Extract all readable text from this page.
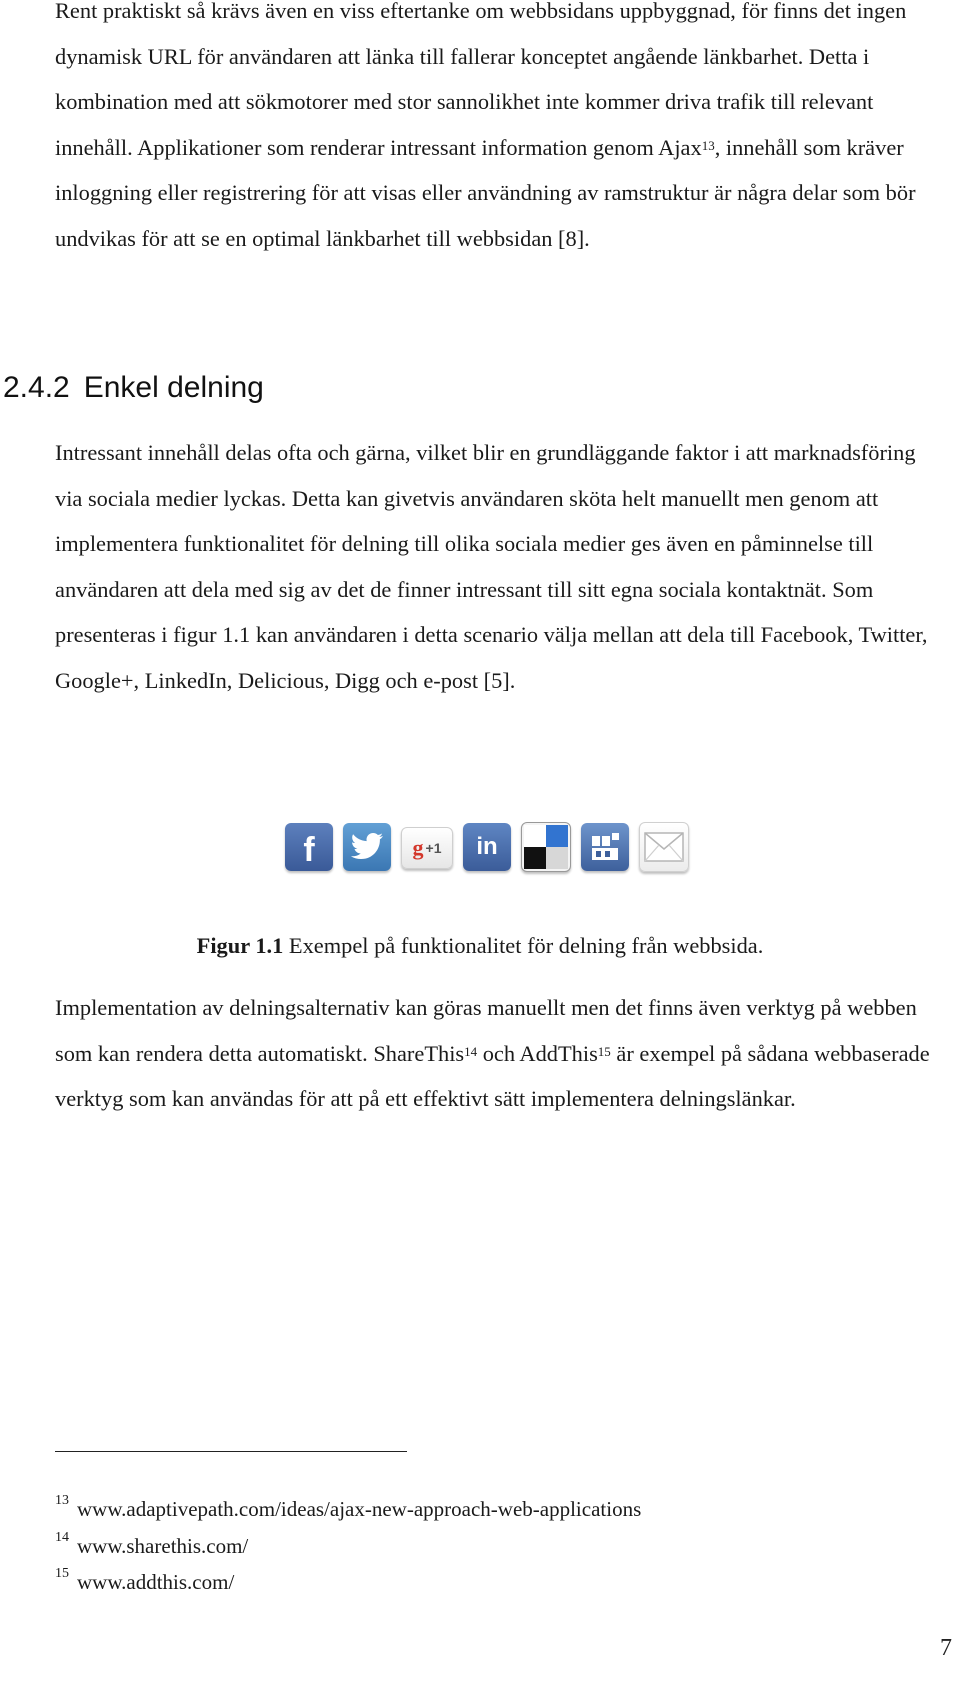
Rent praktiskt så krävs även en viss eftertanke om webbsidans uppbyggnad, för finns det ingen dynamisk URL för användaren att länka till fallerar konceptet angående länkbarhet. Detta i kombination med att sökmotorer med stor sannolikhet inte kommer driva trafik till relevant innehåll. Applikationer som renderar intressant information genom Ajax$^{13}$, innehåll som kräver inloggning eller registrering för att visas eller användning av ramstruktur är några delar som bör undvikas för att se en optimal länkbarhet till webbsidan [8].

2.4.2 Enkel delning

Intressant innehåll delas ofta och gärna, vilket blir en grundläggande faktor i att marknadsföring via sociala medier lyckas. Detta kan givetvis användaren sköta helt manuellt men genom att implementera funktionalitet för delning till olika sociala medier ges även en påminnelse till användaren att dela med sig av det de finner intressant till sitt egna sociala kontaktnät. Som presenteras i figur 1.1 kan användaren i detta scenario välja mellan att dela till Facebook, Twitter, Google+, LinkedIn, Delicious, Digg och e-post [5].

f	g +1 in

Figur 1.1 Exempel på funktionalitet för delning från webbsida.

Implementation av delningsalternativ kan göras manuellt men det finns även verktyg på webben som kan rendera detta automatiskt. ShareThis$^{14}$ och AddThis$^{15}$ är exempel på sådana webbaserade verktyg som kan användas för att på ett effektivt sätt implementera delningslänkar.

$^{13}$ www.adaptivepath.com/ideas/ajax-new-approach-web-applications
$^{14}$ www.sharethis.com/
$^{15}$ www.addthis.com/
7
